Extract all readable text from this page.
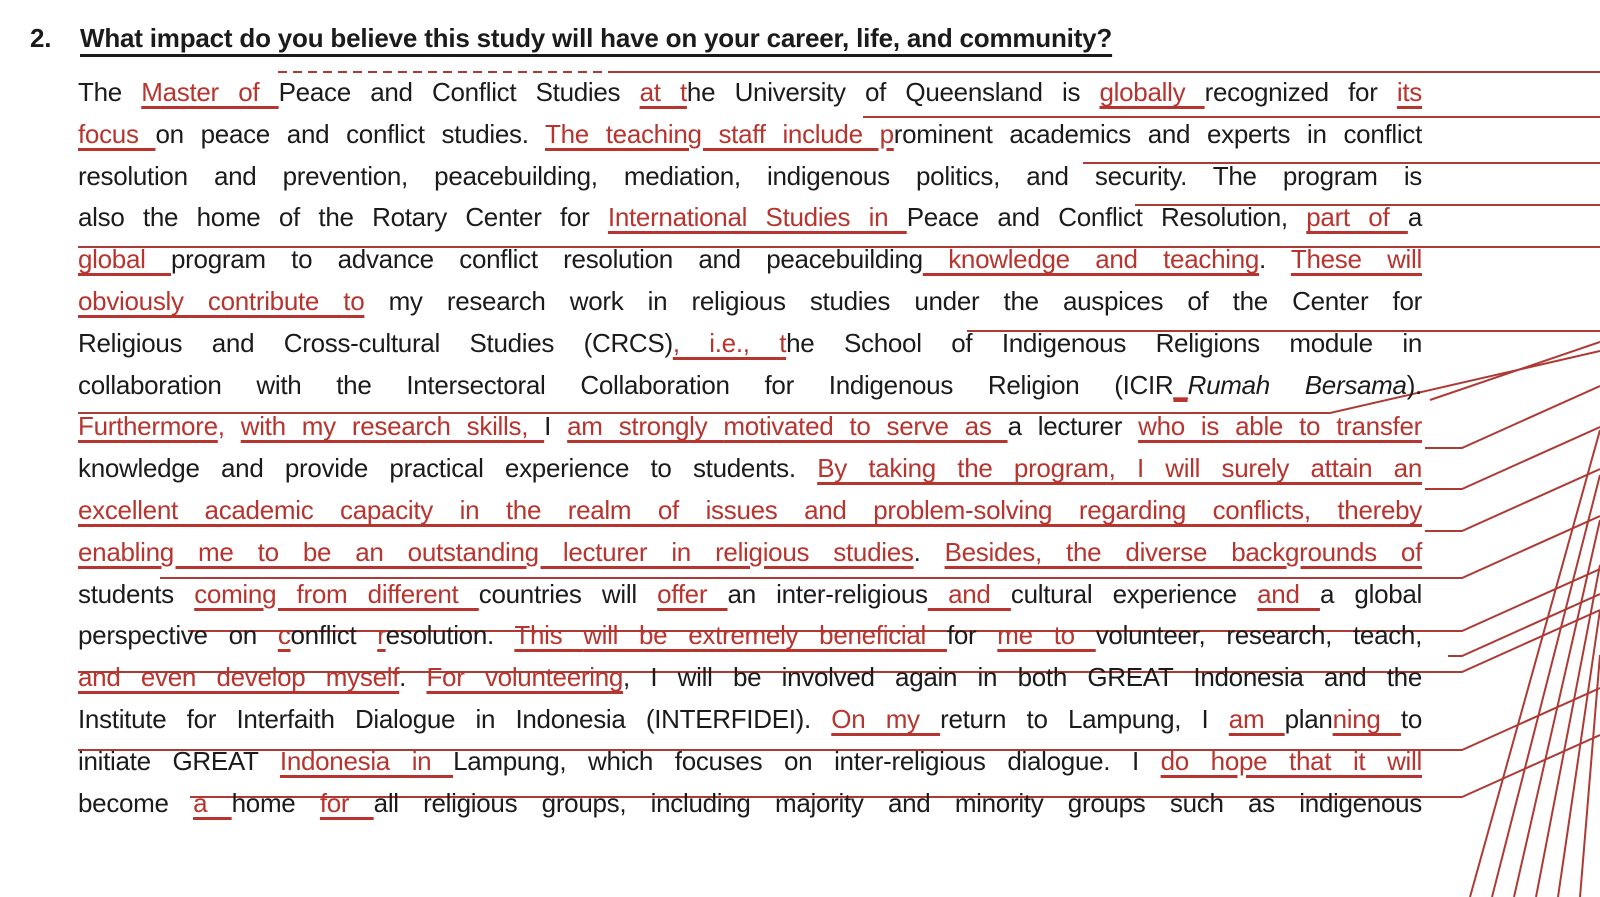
2. What impact do you believe this study will have on your career, life, and community?
The Master of Peace and Conflict Studies at the University of Queensland is globally recognized for its
focus on peace and conflict studies. The teaching staff include prominent academics and experts in conflict
resolution and prevention, peacebuilding, mediation, indigenous politics, and security. The program is
also the home of the Rotary Center for International Studies in Peace and Conflict Resolution, part of a
global program to advance conflict resolution and peacebuilding knowledge and teaching. These will
obviously contribute to my research work in religious studies under the auspices of the Center for
Religious and Cross-cultural Studies (CRCS), i.e., the School of Indigenous Religions module in
collaboration with the Intersectoral Collaboration for Indigenous Religion (ICIR_Rumah Bersama).
Furthermore, with my research skills, I am strongly motivated to serve as a lecturer who is able to transfer
knowledge and provide practical experience to students. By taking the program, I will surely attain an
excellent academic capacity in the realm of issues and problem-solving regarding conflicts, thereby
enabling me to be an outstanding lecturer in religious studies. Besides, the diverse backgrounds of
students coming from different countries will offer an inter-religious and cultural experience and a global
perspective on conflict resolution. This will be extremely beneficial for me to volunteer, research, teach,
and even develop myself. For volunteering, I will be involved again in both GREAT Indonesia and the
Institute for Interfaith Dialogue in Indonesia (INTERFIDEI). On my return to Lampung, I am planning to
initiate GREAT Indonesia in Lampung, which focuses on inter-religious dialogue. I do hope that it will
become a home for all religious groups, including majority and minority groups such as indigenous
